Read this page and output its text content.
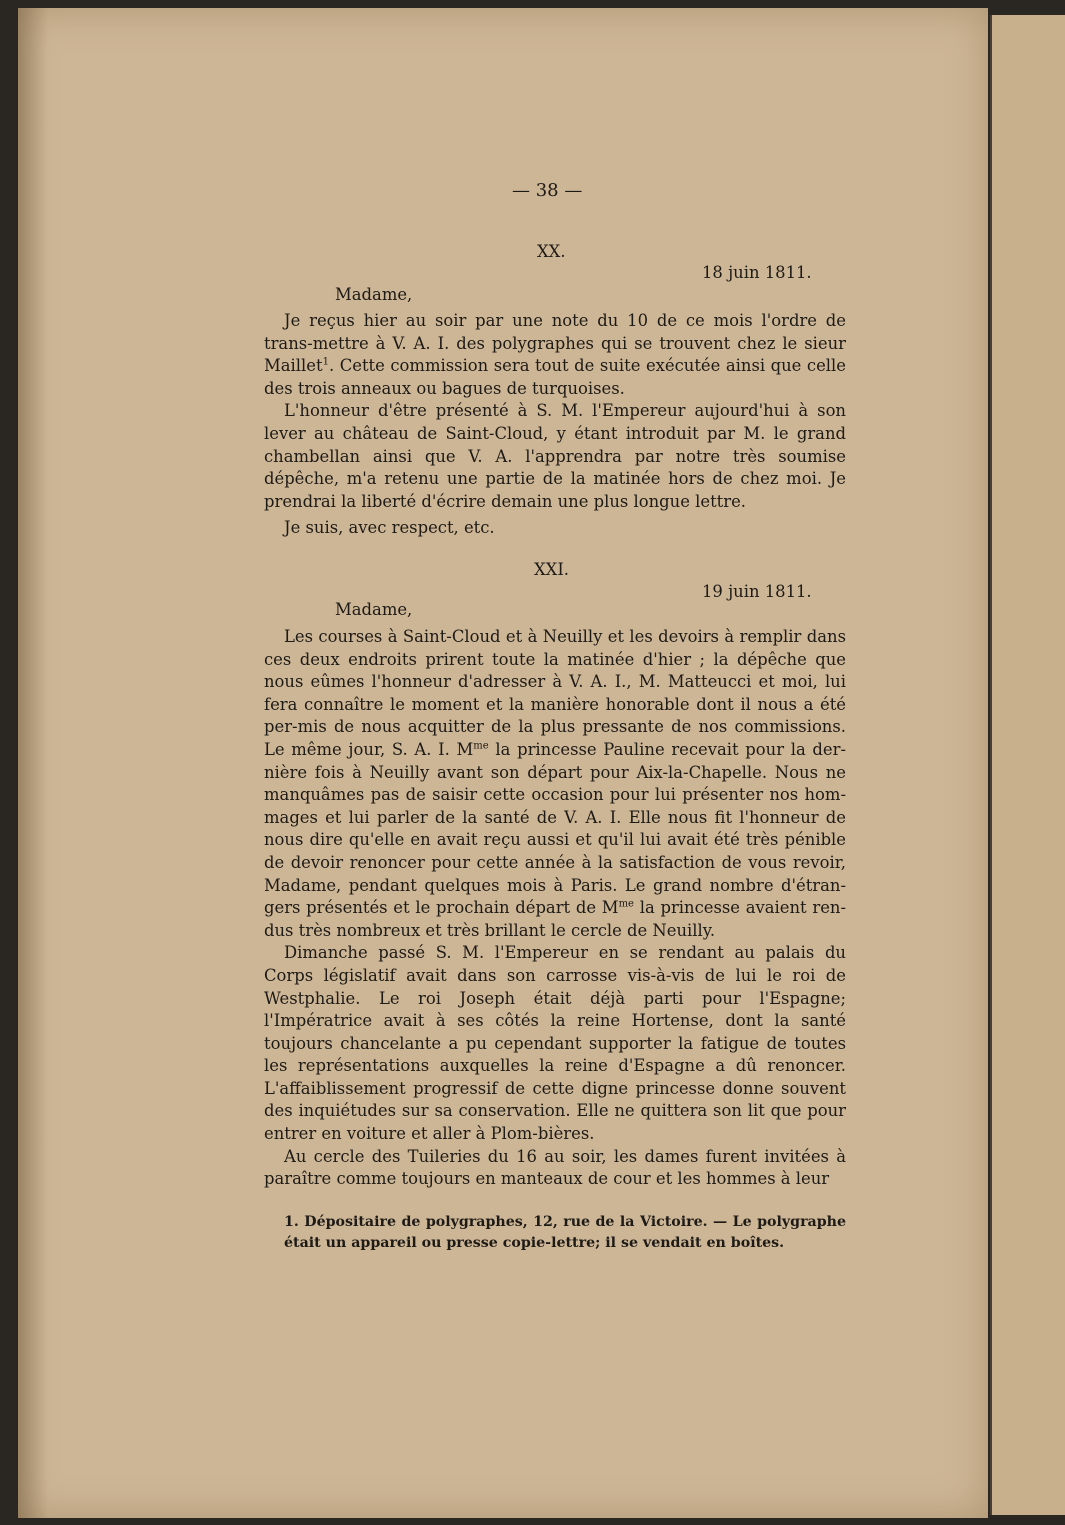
— 38 —
XX.
18 juin 1811.
Madame,

Je reçus hier au soir par une note du 10 de ce mois l'ordre de trans-mettre à V. A. I. des polygraphes qui se trouvent chez le sieur Maillet$^1$. Cette commission sera tout de suite exécutée ainsi que celle des trois anneaux ou bagues de turquoises.

L'honneur d'être présenté à S. M. l'Empereur aujourd'hui à son lever au château de Saint-Cloud, y étant introduit par M. le grand chambellan ainsi que V. A. l'apprendra par notre très soumise dépêche, m'a retenu une partie de la matinée hors de chez moi. Je prendrai la liberté d'écrire demain une plus longue lettre.

Je suis, avec respect, etc.

XXI.
19 juin 1811.
Madame,

Les courses à Saint-Cloud et à Neuilly et les devoirs à remplir dans ces deux endroits prirent toute la matinée d'hier ; la dépêche que nous eûmes l'honneur d'adresser à V. A. I., M. Matteucci et moi, lui fera connaître le moment et la manière honorable dont il nous a été per-mis de nous acquitter de la plus pressante de nos commissions. Le même jour, S. A. I. $M^{me}$ la princesse Pauline recevait pour la der-nière fois à Neuilly avant son départ pour Aix-la-Chapelle. Nous ne manquâmes pas de saisir cette occasion pour lui présenter nos hom-mages et lui parler de la santé de V. A. I. Elle nous fit l'honneur de nous dire qu'elle en avait reçu aussi et qu'il lui avait été très pénible de devoir renoncer pour cette année à la satisfaction de vous revoir, Madame, pendant quelques mois à Paris. Le grand nombre d'étran-gers présentés et le prochain départ de $M^{me}$ la princesse avaient ren-dus très nombreux et très brillant le cercle de Neuilly.

Dimanche passé S. M. l'Empereur en se rendant au palais du Corps législatif avait dans son carrosse vis-à-vis de lui le roi de Westphalie. Le roi Joseph était déjà parti pour l'Espagne; l'Impératrice avait à ses côtés la reine Hortense, dont la santé toujours chancelante a pu cependant supporter la fatigue de toutes les représentations auxquelles la reine d'Espagne a dû renoncer. L'affaiblissement progressif de cette digne princesse donne souvent des inquiétudes sur sa conservation. Elle ne quittera son lit que pour entrer en voiture et aller à Plom-bières.

Au cercle des Tuileries du 16 au soir, les dames furent invitées à paraître comme toujours en manteaux de cour et les hommes à leur

1. Dépositaire de polygraphes, 12, rue de la Victoire. — Le polygraphe était un appareil ou presse copie-lettre; il se vendait en boîtes.
